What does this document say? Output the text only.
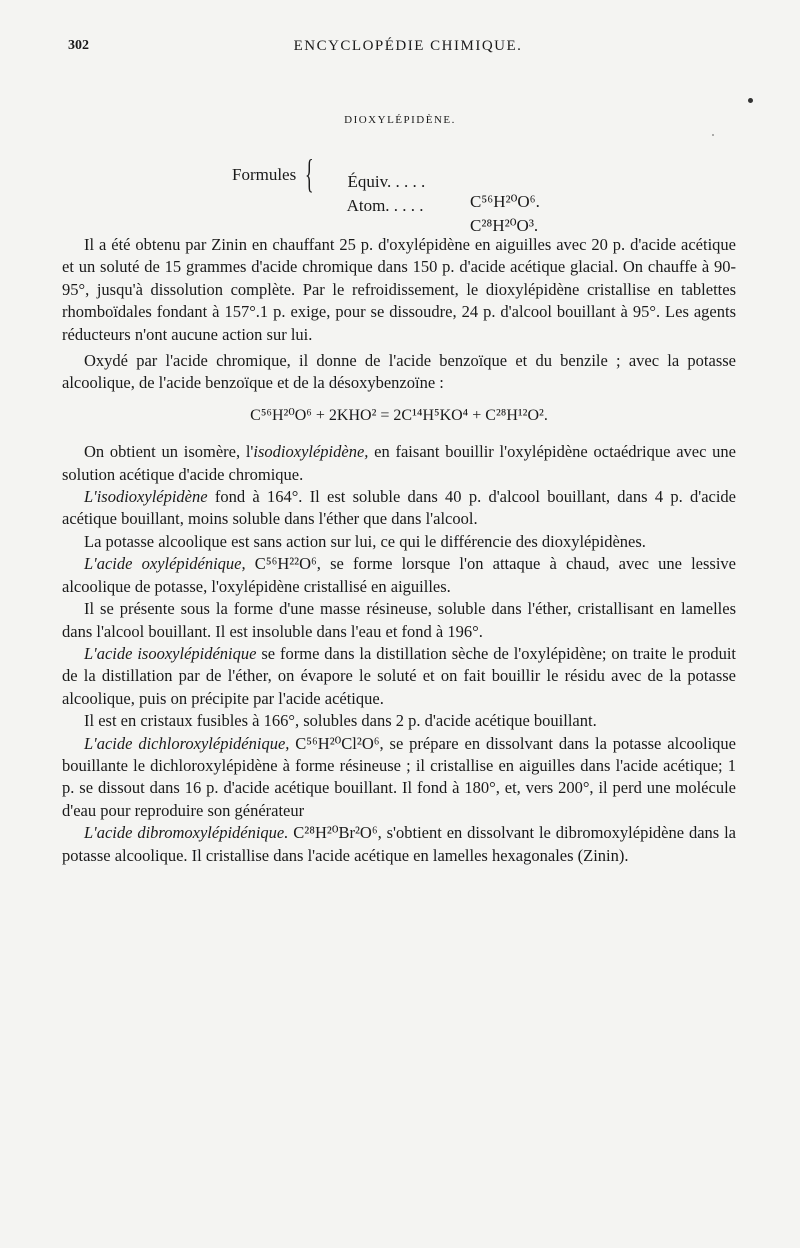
302	ENCYCLOPÉDIE CHIMIQUE.
DIOXYLÉPIDÈNE.
Formules {	Équiv. . . . .

C⁵⁶H²⁰O⁶.

Atom. . . . .

C²⁸H²⁰O³.

Il a été obtenu par Zinin en chauffant 25 p. d'oxylépidène en aiguilles avec 20 p. d'acide acétique et un soluté de 15 grammes d'acide chromique dans 150 p. d'acide acétique glacial. On chauffe à 90-95°, jusqu'à dissolution complète. Par le refroidissement, le dioxylépidène cristallise en tablettes rhomboïdales fondant à 157°.1 p. exige, pour se dissoudre, 24 p. d'alcool bouillant à 95°. Les agents réducteurs n'ont aucune action sur lui.

Oxydé par l'acide chromique, il donne de l'acide benzoïque et du benzile ; avec la potasse alcoolique, de l'acide benzoïque et de la désoxybenzoïne :

C⁵⁶H²⁰O⁶ + 2KHO² = 2C¹⁴H⁵KO⁴ + C²⁸H¹²O².

On obtient un isomère, l'isodioxylépidène, en faisant bouillir l'oxylépidène octaédrique avec une solution acétique d'acide chromique.

L'isodioxylépidène fond à 164°. Il est soluble dans 40 p. d'alcool bouillant, dans 4 p. d'acide acétique bouillant, moins soluble dans l'éther que dans l'alcool.

La potasse alcoolique est sans action sur lui, ce qui le différencie des dioxylépidènes.

L'acide oxylépidénique, C⁵⁶H²²O⁶, se forme lorsque l'on attaque à chaud, avec une lessive alcoolique de potasse, l'oxylépidène cristallisé en aiguilles.

Il se présente sous la forme d'une masse résineuse, soluble dans l'éther, cristallisant en lamelles dans l'alcool bouillant. Il est insoluble dans l'eau et fond à 196°.

L'acide isooxylépidénique se forme dans la distillation sèche de l'oxylépidène; on traite le produit de la distillation par de l'éther, on évapore le soluté et on fait bouillir le résidu avec de la potasse alcoolique, puis on précipite par l'acide acétique.

Il est en cristaux fusibles à 166°, solubles dans 2 p. d'acide acétique bouillant.

L'acide dichloroxylépidénique, C⁵⁶H²⁰Cl²O⁶, se prépare en dissolvant dans la potasse alcoolique bouillante le dichloroxylépidène à forme résineuse ; il cristallise en aiguilles dans l'acide acétique; 1 p. se dissout dans 16 p. d'acide acétique bouillant. Il fond à 180°, et, vers 200°, il perd une molécule d'eau pour reproduire son générateur

L'acide dibromoxylépidénique. C²⁸H²⁰Br²O⁶, s'obtient en dissolvant le dibromoxylépidène dans la potasse alcoolique. Il cristallise dans l'acide acétique en lamelles hexagonales (Zinin).
